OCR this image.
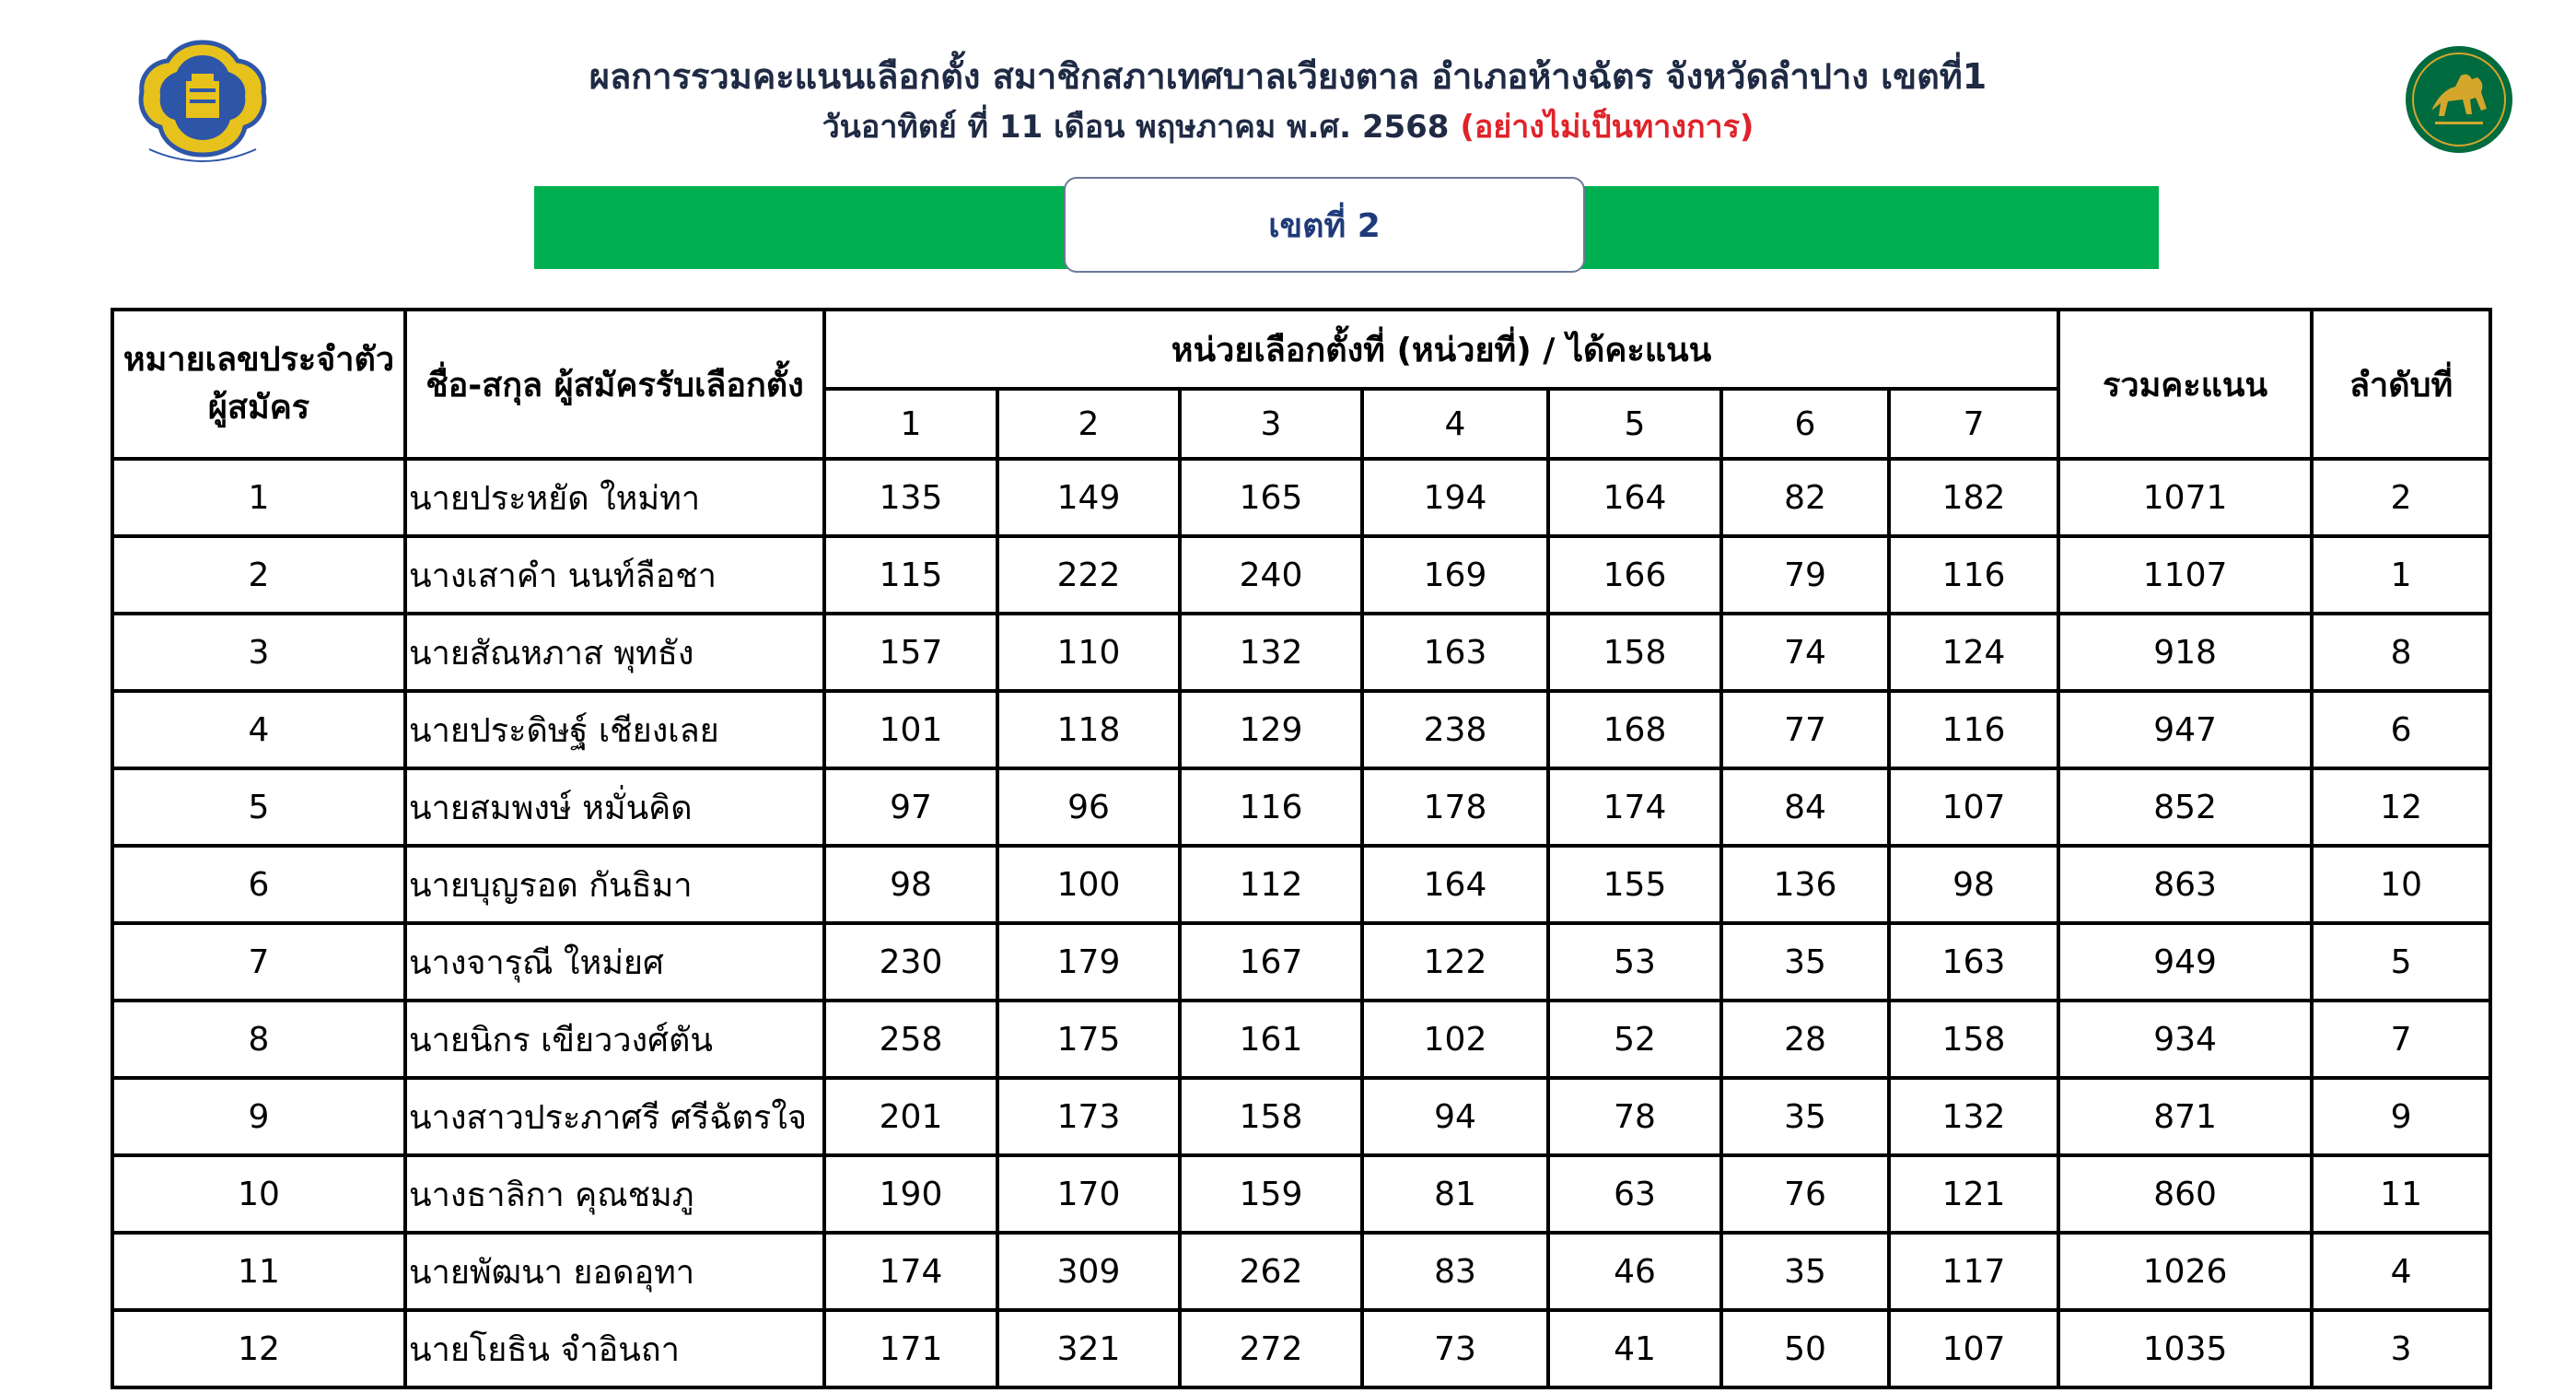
ผลการรวมคะแนนเลือกตั้ง สมาชิกสภาเทศบาลเวียงตาล อำเภอห้างฉัตร จังหวัดลำปาง เขตที่1
วันอาทิตย์ ที่ 11 เดือน พฤษภาคม พ.ศ. 2568 (อย่างไม่เป็นทางการ)
เขตที่ 2
หมายเลขประจำตัว
ผู้สมัคร	ชื่อ-สกุล ผู้สมัครรับเลือกตั้ง	หน่วยเลือกตั้งที่ (หน่วยที่) / ได้คะแนน							รวมคะแนน	ลำดับที่
		1	2	3	4	5	6	7		
1	นายประหยัด ใหม่ทา	135	149	165	194	164	82	182	1071	2
2	นางเสาคำ นนท์ลือชา	115	222	240	169	166	79	116	1107	1
3	นายสัณหภาส พุทธัง	157	110	132	163	158	74	124	918	8
4	นายประดิษฐ์ เชียงเลย	101	118	129	238	168	77	116	947	6
5	นายสมพงษ์ หมั่นคิด	97	96	116	178	174	84	107	852	12
6	นายบุญรอด กันธิมา	98	100	112	164	155	136	98	863	10
7	นางจารุณี ใหม่ยศ	230	179	167	122	53	35	163	949	5
8	นายนิกร เขียววงศ์ตัน	258	175	161	102	52	28	158	934	7
9	นางสาวประภาศรี ศรีฉัตรใจ	201	173	158	94	78	35	132	871	9
10	นางธาลิกา คุณชมภู	190	170	159	81	63	76	121	860	11
11	นายพัฒนา ยอดอุทา	174	309	262	83	46	35	117	1026	4
12	นายโยธิน จำอินถา	171	321	272	73	41	50	107	1035	3
